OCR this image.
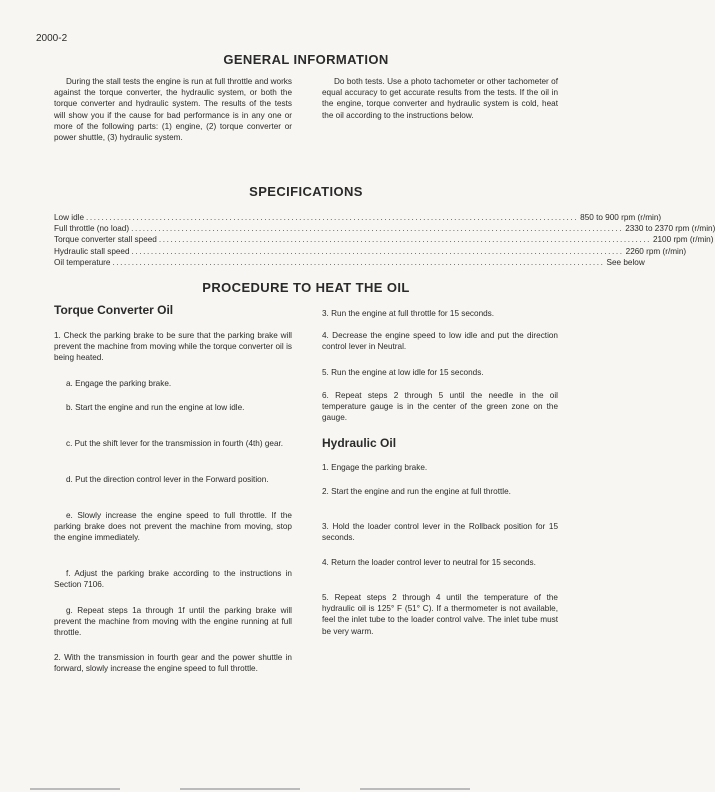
2000-2
GENERAL INFORMATION

During the stall tests the engine is run at full throttle and works against the torque converter, the hydraulic system, or both the torque converter and hydraulic system. The results of the tests will show you if the cause for bad performance is in any one or more of the following parts: (1) engine, (2) torque converter or power shuttle, (3) hydraulic system.

Do both tests. Use a photo tachometer or other tachometer of equal accuracy to get accurate results from the tests. If the oil in the engine, torque converter and hydraulic system is cold, heat the oil according to the instructions below.

SPECIFICATIONS
Low idle ............................................................................................................................... 850 to 900 rpm (r/min)
Full throttle (no load) ............................................................................................................................... 2330 to 2370 rpm (r/min)
Torque converter stall speed ............................................................................................................................... 2100 rpm (r/min)
Hydraulic stall speed ............................................................................................................................... 2260 rpm (r/min)
Oil temperature ............................................................................................................................... See below
PROCEDURE TO HEAT THE OIL
Torque Converter Oil

1. Check the parking brake to be sure that the parking brake will prevent the machine from moving while the torque converter oil is being heated.

a. Engage the parking brake.

b. Start the engine and run the engine at low idle.

c. Put the shift lever for the transmission in fourth (4th) gear.

d. Put the direction control lever in the Forward position.

e. Slowly increase the engine speed to full throttle. If the parking brake does not prevent the machine from moving, stop the engine immediately.

f. Adjust the parking brake according to the instructions in Section 7106.

g. Repeat steps 1a through 1f until the parking brake will prevent the machine from moving with the engine running at full throttle.

2. With the transmission in fourth gear and the power shuttle in forward, slowly increase the engine speed to full throttle.

3. Run the engine at full throttle for 15 seconds.

4. Decrease the engine speed to low idle and put the direction control lever in Neutral.

5. Run the engine at low idle for 15 seconds.

6. Repeat steps 2 through 5 until the needle in the oil temperature gauge is in the center of the green zone on the gauge.

Hydraulic Oil

1. Engage the parking brake.

2. Start the engine and run the engine at full throttle.

3. Hold the loader control lever in the Rollback position for 15 seconds.

4. Return the loader control lever to neutral for 15 seconds.

5. Repeat steps 2 through 4 until the temperature of the hydraulic oil is 125° F (51° C). If a thermometer is not available, feel the inlet tube to the loader control valve. The inlet tube must be very warm.
